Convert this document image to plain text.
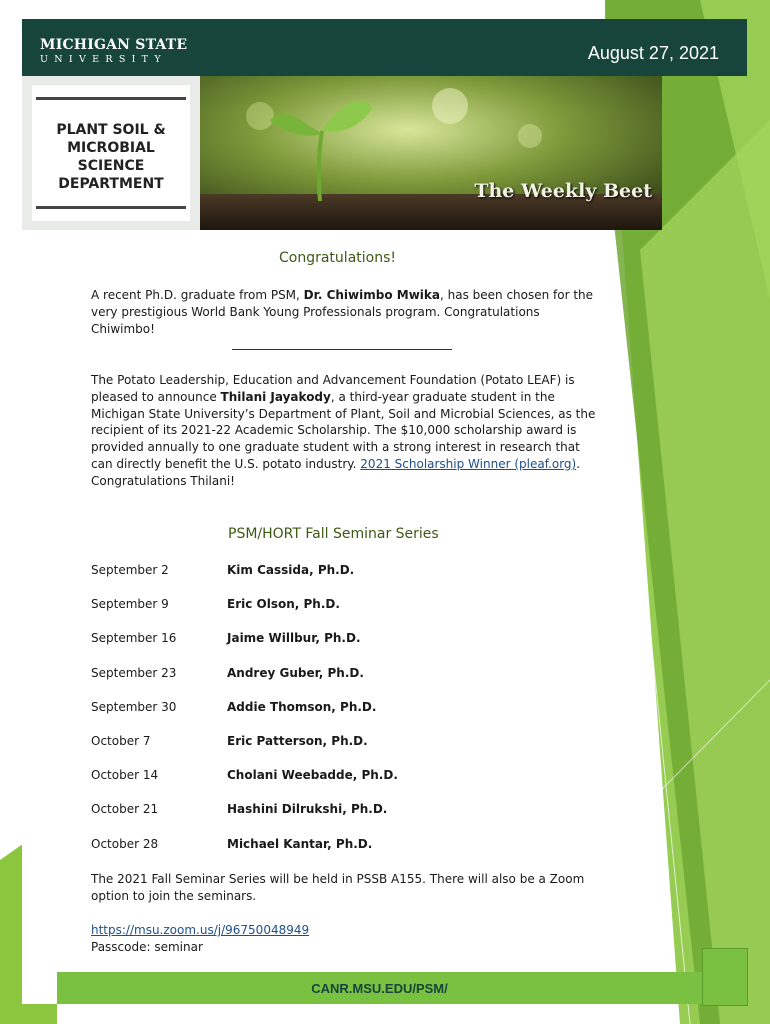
MICHIGAN STATE
UNIVERSITY	August 27, 2021
PLANT SOIL & MICROBIAL SCIENCE DEPARTMENT	The Weekly Beet
Congratulations!
A recent Ph.D. graduate from PSM, Dr. Chiwimbo Mwika, has been chosen for the very prestigious World Bank Young Professionals program. Congratulations Chiwimbo!
The Potato Leadership, Education and Advancement Foundation (Potato LEAF) is pleased to announce Thilani Jayakody, a third-year graduate student in the Michigan State University’s Department of Plant, Soil and Microbial Sciences, as the recipient of its 2021-22 Academic Scholarship. The $10,000 scholarship award is provided annually to one graduate student with a strong interest in research that can directly benefit the U.S. potato industry. 2021 Scholarship Winner (pleaf.org). Congratulations Thilani!
PSM/HORT Fall Seminar Series
September 2	Kim Cassida, Ph.D.
September 9	Eric Olson, Ph.D.
September 16	Jaime Willbur, Ph.D.
September 23	Andrey Guber, Ph.D.
September 30	Addie Thomson, Ph.D.
October 7	Eric Patterson, Ph.D.
October 14	Cholani Weebadde, Ph.D.
October 21	Hashini Dilrukshi, Ph.D.
October 28	Michael Kantar, Ph.D.
The 2021 Fall Seminar Series will be held in PSSB A155. There will also be a Zoom option to join the seminars.
https://msu.zoom.us/j/96750048949
Passcode: seminar
CANR.MSU.EDU/PSM/
